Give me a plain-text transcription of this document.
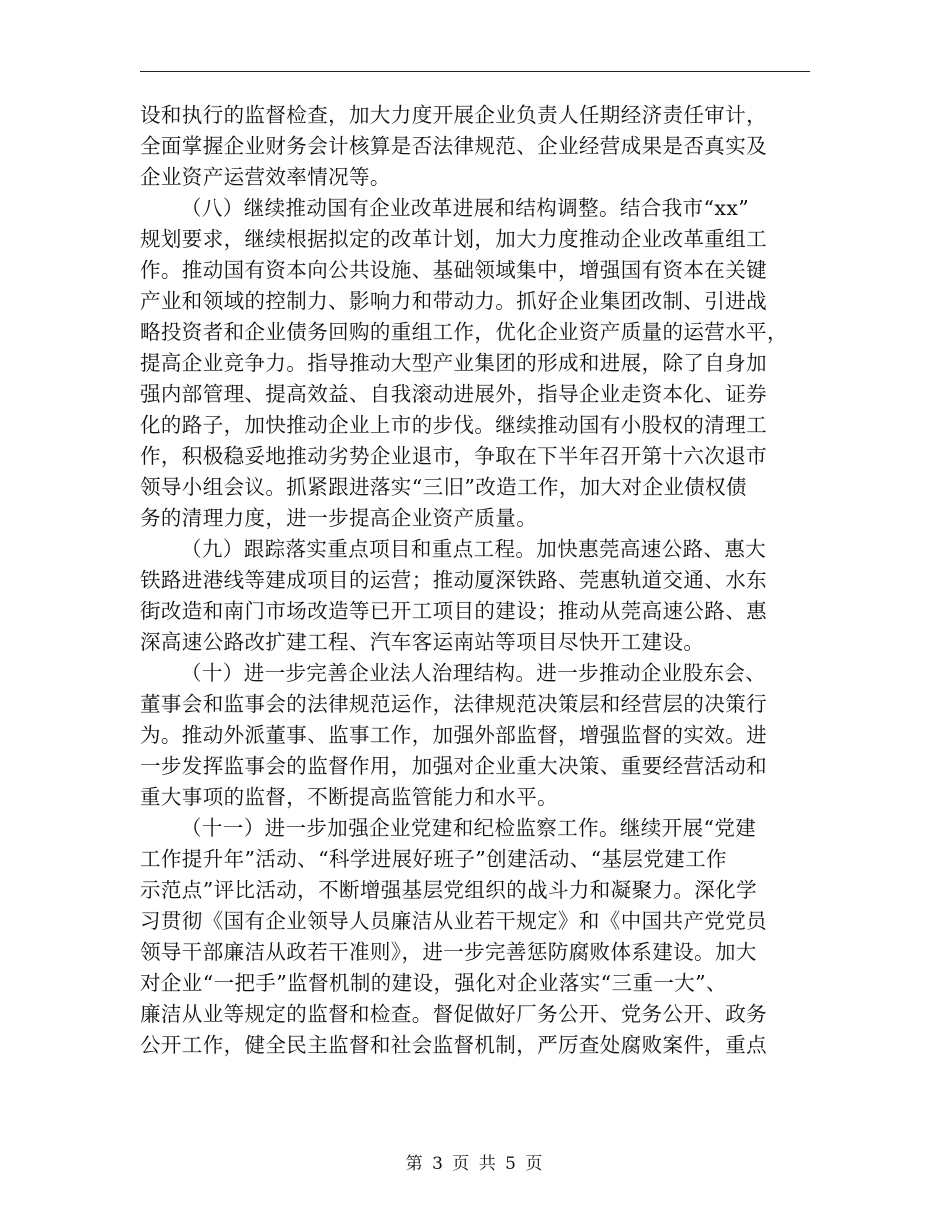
设和执行的监督检查，加大力度开展企业负责人任期经济责任审计，
全面掌握企业财务会计核算是否法律规范、企业经营成果是否真实及
企业资产运营效率情况等。
（八）继续推动国有企业改革进展和结构调整。结合我市“xx”
规划要求，继续根据拟定的改革计划，加大力度推动企业改革重组工
作。推动国有资本向公共设施、基础领域集中，增强国有资本在关键
产业和领域的控制力、影响力和带动力。抓好企业集团改制、引进战
略投资者和企业债务回购的重组工作，优化企业资产质量的运营水平，
提高企业竞争力。指导推动大型产业集团的形成和进展，除了自身加
强内部管理、提高效益、自我滚动进展外，指导企业走资本化、证券
化的路子，加快推动企业上市的步伐。继续推动国有小股权的清理工
作，积极稳妥地推动劣势企业退市，争取在下半年召开第十六次退市
领导小组会议。抓紧跟进落实“三旧”改造工作，加大对企业债权债
务的清理力度，进一步提高企业资产质量。
（九）跟踪落实重点项目和重点工程。加快惠莞高速公路、惠大
铁路进港线等建成项目的运营；推动厦深铁路、莞惠轨道交通、水东
街改造和南门市场改造等已开工项目的建设；推动从莞高速公路、惠
深高速公路改扩建工程、汽车客运南站等项目尽快开工建设。
（十）进一步完善企业法人治理结构。进一步推动企业股东会、
董事会和监事会的法律规范运作，法律规范决策层和经营层的决策行
为。推动外派董事、监事工作，加强外部监督，增强监督的实效。进
一步发挥监事会的监督作用，加强对企业重大决策、重要经营活动和
重大事项的监督，不断提高监管能力和水平。
（十一）进一步加强企业党建和纪检监察工作。继续开展“党建
工作提升年”活动、“科学进展好班子”创建活动、“基层党建工作
示范点”评比活动，不断增强基层党组织的战斗力和凝聚力。深化学
习贯彻《国有企业领导人员廉洁从业若干规定》和《中国共产党党员
领导干部廉洁从政若干准则》，进一步完善惩防腐败体系建设。加大
对企业“一把手”监督机制的建设，强化对企业落实“三重一大”、
廉洁从业等规定的监督和检查。督促做好厂务公开、党务公开、政务
公开工作，健全民主监督和社会监督机制，严厉查处腐败案件，重点
第 3 页 共 5 页
